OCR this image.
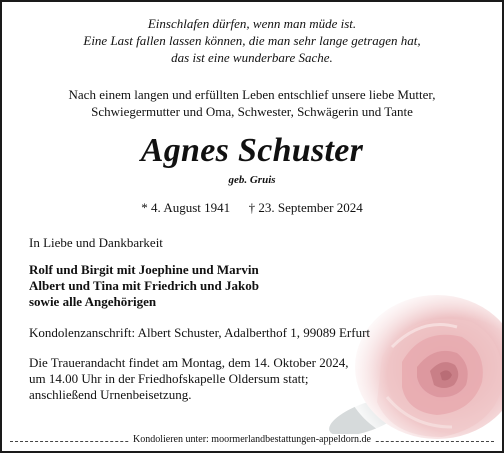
Einschlafen dürfen, wenn man müde ist.
Eine Last fallen lassen können, die man sehr lange getragen hat,
das ist eine wunderbare Sache.
Nach einem langen und erfüllten Leben entschlief unsere liebe Mutter,
Schwiegermutter und Oma, Schwester, Schwägerin und Tante
Agnes Schuster
geb. Gruis
* 4. August 1941 † 23. September 2024
In Liebe und Dankbarkeit
Rolf und Birgit mit Joephine und Marvin
Albert und Tina mit Friedrich und Jakob
sowie alle Angehörigen
Kondolenzanschrift: Albert Schuster, Adalberthof 1, 99089 Erfurt
Die Trauerandacht findet am Montag, dem 14. Oktober 2024,
um 14.00 Uhr in der Friedhofskapelle Oldersum statt;
anschließend Urnenbeisetzung.
Kondolieren unter: moormerlandbestattungen-appeldorn.de
